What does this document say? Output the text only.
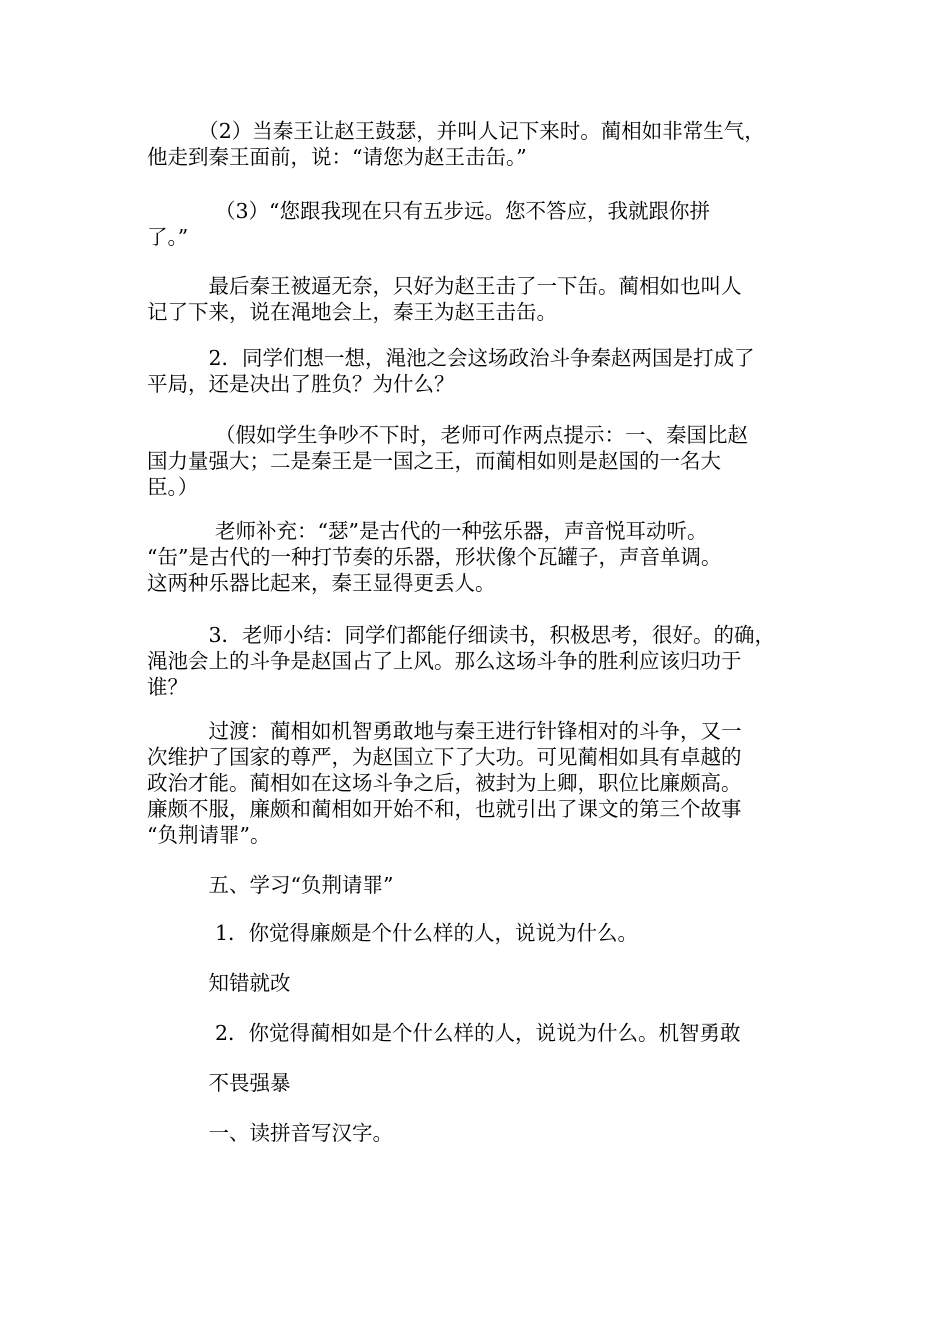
　　　（2）当秦王让赵王鼓瑟，并叫人记下来时。蔺相如非常生气，
他走到秦王面前，说：“请您为赵王击缶。”

　　　 （3）“您跟我现在只有五步远。您不答应，我就跟你拼
了。”

　　　最后秦王被逼无奈，只好为赵王击了一下缶。蔺相如也叫人
记了下来，说在渑地会上，秦王为赵王击缶。

　　　2．同学们想一想，渑池之会这场政治斗争秦赵两国是打成了
平局，还是决出了胜负？为什么？

　　　 （假如学生争吵不下时，老师可作两点提示：一、秦国比赵
国力量强大；二是秦王是一国之王，而蔺相如则是赵国的一名大
臣。）

　　　 老师补充：“瑟”是古代的一种弦乐器，声音悦耳动听。
“缶”是古代的一种打节奏的乐器，形状像个瓦罐子，声音单调。
这两种乐器比起来，秦王显得更丢人。

　　　3．老师小结：同学们都能仔细读书，积极思考，很好。的确，
渑池会上的斗争是赵国占了上风。那么这场斗争的胜利应该归功于
谁？

　　　过渡：蔺相如机智勇敢地与秦王进行针锋相对的斗争，又一
次维护了国家的尊严，为赵国立下了大功。可见蔺相如具有卓越的
政治才能。蔺相如在这场斗争之后，被封为上卿，职位比廉颇高。
廉颇不服，廉颇和蔺相如开始不和，也就引出了课文的第三个故事
“负荆请罪”。

　　　五、学习“负荆请罪”

　　　 1．你觉得廉颇是个什么样的人，说说为什么。

　　　知错就改

　　　 2．你觉得蔺相如是个什么样的人，说说为什么。机智勇敢

　　　不畏强暴

　　　一、读拼音写汉字。
